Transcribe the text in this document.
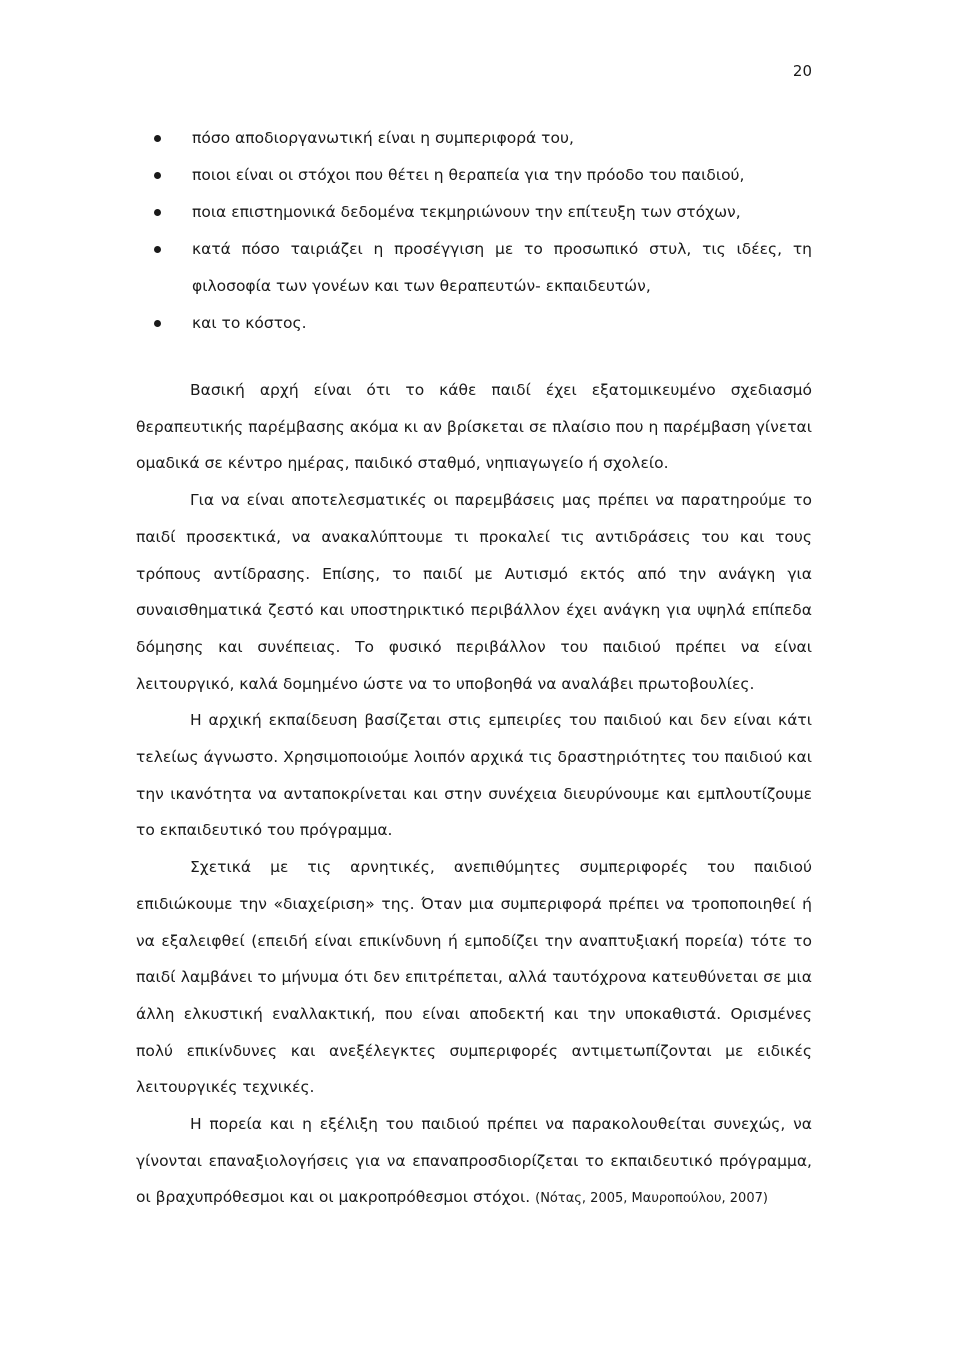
20
πόσο αποδιοργανωτική είναι η συμπεριφορά του,
ποιοι είναι οι στόχοι που θέτει η θεραπεία για την πρόοδο του παιδιού,
ποια επιστημονικά δεδομένα τεκμηριώνουν την επίτευξη των στόχων,
κατά πόσο ταιριάζει η προσέγγιση με το προσωπικό στυλ, τις ιδέες, τη φιλοσοφία των γονέων και των θεραπευτών- εκπαιδευτών,
και το κόστος.

Βασική αρχή είναι ότι το κάθε παιδί έχει εξατομικευμένο σχεδιασμό θεραπευτικής παρέμβασης ακόμα κι αν βρίσκεται σε πλαίσιο που η παρέμβαση γίνεται ομαδικά σε κέντρο ημέρας, παιδικό σταθμό, νηπιαγωγείο ή σχολείο.

Για να είναι αποτελεσματικές οι παρεμβάσεις μας πρέπει να παρατηρούμε το παιδί προσεκτικά, να ανακαλύπτουμε τι προκαλεί τις αντιδράσεις του και τους τρόπους αντίδρασης. Επίσης, το παιδί με Αυτισμό εκτός από την ανάγκη για συναισθηματικά ζεστό και υποστηρικτικό περιβάλλον έχει ανάγκη για υψηλά επίπεδα δόμησης και συνέπειας. Το φυσικό περιβάλλον του παιδιού πρέπει να είναι λειτουργικό, καλά δομημένο ώστε να το υποβοηθά να αναλάβει πρωτοβουλίες.

Η αρχική εκπαίδευση βασίζεται στις εμπειρίες του παιδιού και δεν είναι κάτι τελείως άγνωστο. Χρησιμοποιούμε λοιπόν αρχικά τις δραστηριότητες του παιδιού και την ικανότητα να ανταποκρίνεται και στην συνέχεια διευρύνουμε και εμπλουτίζουμε το εκπαιδευτικό του πρόγραμμα.

Σχετικά με τις αρνητικές, ανεπιθύμητες συμπεριφορές του παιδιού επιδιώκουμε την «διαχείριση» της. Όταν μια συμπεριφορά πρέπει να τροποποιηθεί ή να εξαλειφθεί (επειδή είναι επικίνδυνη ή εμποδίζει την αναπτυξιακή πορεία) τότε το παιδί λαμβάνει το μήνυμα ότι δεν επιτρέπεται, αλλά ταυτόχρονα κατευθύνεται σε μια άλλη ελκυστική εναλλακτική, που είναι αποδεκτή και την υποκαθιστά. Ορισμένες πολύ επικίνδυνες και ανεξέλεγκτες συμπεριφορές αντιμετωπίζονται με ειδικές λειτουργικές τεχνικές.

Η πορεία και η εξέλιξη του παιδιού πρέπει να παρακολουθείται συνεχώς, να γίνονται επαναξιολογήσεις για να επαναπροσδιορίζεται το εκπαιδευτικό πρόγραμμα, οι βραχυπρόθεσμοι και οι μακροπρόθεσμοι στόχοι. (Νότας, 2005, Μαυροπούλου, 2007)
